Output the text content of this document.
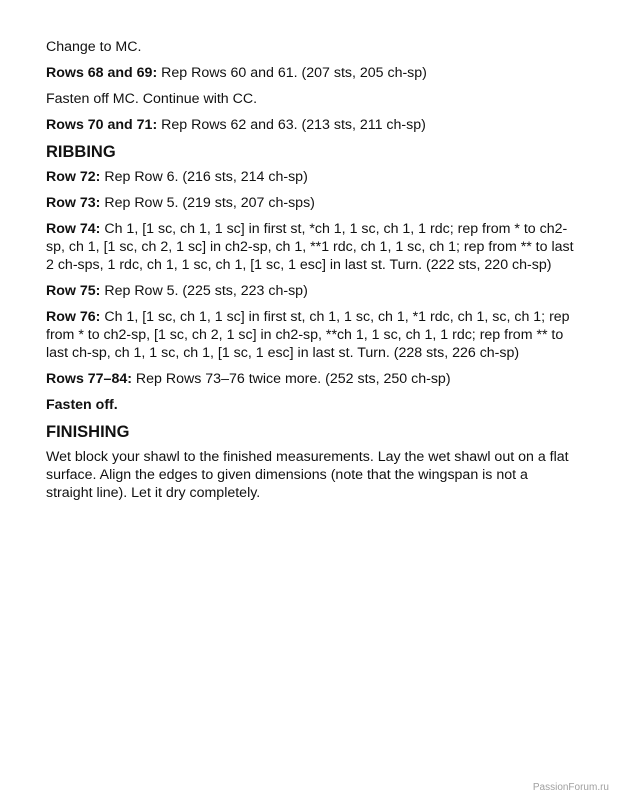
Change to MC.

Rows 68 and 69: Rep Rows 60 and 61. (207 sts, 205 ch-sp)

Fasten off MC. Continue with CC.

Rows 70 and 71: Rep Rows 62 and 63. (213 sts, 211 ch-sp)

RIBBING

Row 72: Rep Row 6. (216 sts, 214 ch-sp)

Row 73: Rep Row 5. (219 sts, 207 ch-sps)

Row 74: Ch 1, [1 sc, ch 1, 1 sc] in first st, *ch 1, 1 sc, ch 1, 1 rdc; rep from * to ch2-sp, ch 1, [1 sc, ch 2, 1 sc] in ch2-sp, ch 1, **1 rdc, ch 1, 1 sc, ch 1; rep from ** to last 2 ch-sps, 1 rdc, ch 1, 1 sc, ch 1, [1 sc, 1 esc] in last st. Turn. (222 sts, 220 ch-sp)

Row 75: Rep Row 5. (225 sts, 223 ch-sp)

Row 76: Ch 1, [1 sc, ch 1, 1 sc] in first st, ch 1, 1 sc, ch 1, *1 rdc, ch 1, sc, ch 1; rep from * to ch2-sp, [1 sc, ch 2, 1 sc] in ch2-sp, **ch 1, 1 sc, ch 1, 1 rdc; rep from ** to last ch-sp, ch 1, 1 sc, ch 1, [1 sc, 1 esc] in last st. Turn. (228 sts, 226 ch-sp)

Rows 77–84: Rep Rows 73–76 twice more. (252 sts, 250 ch-sp)

Fasten off.

FINISHING

Wet block your shawl to the finished measurements. Lay the wet shawl out on a flat surface. Align the edges to given dimensions (note that the wingspan is not a straight line). Let it dry completely.

PassionForum.ru
